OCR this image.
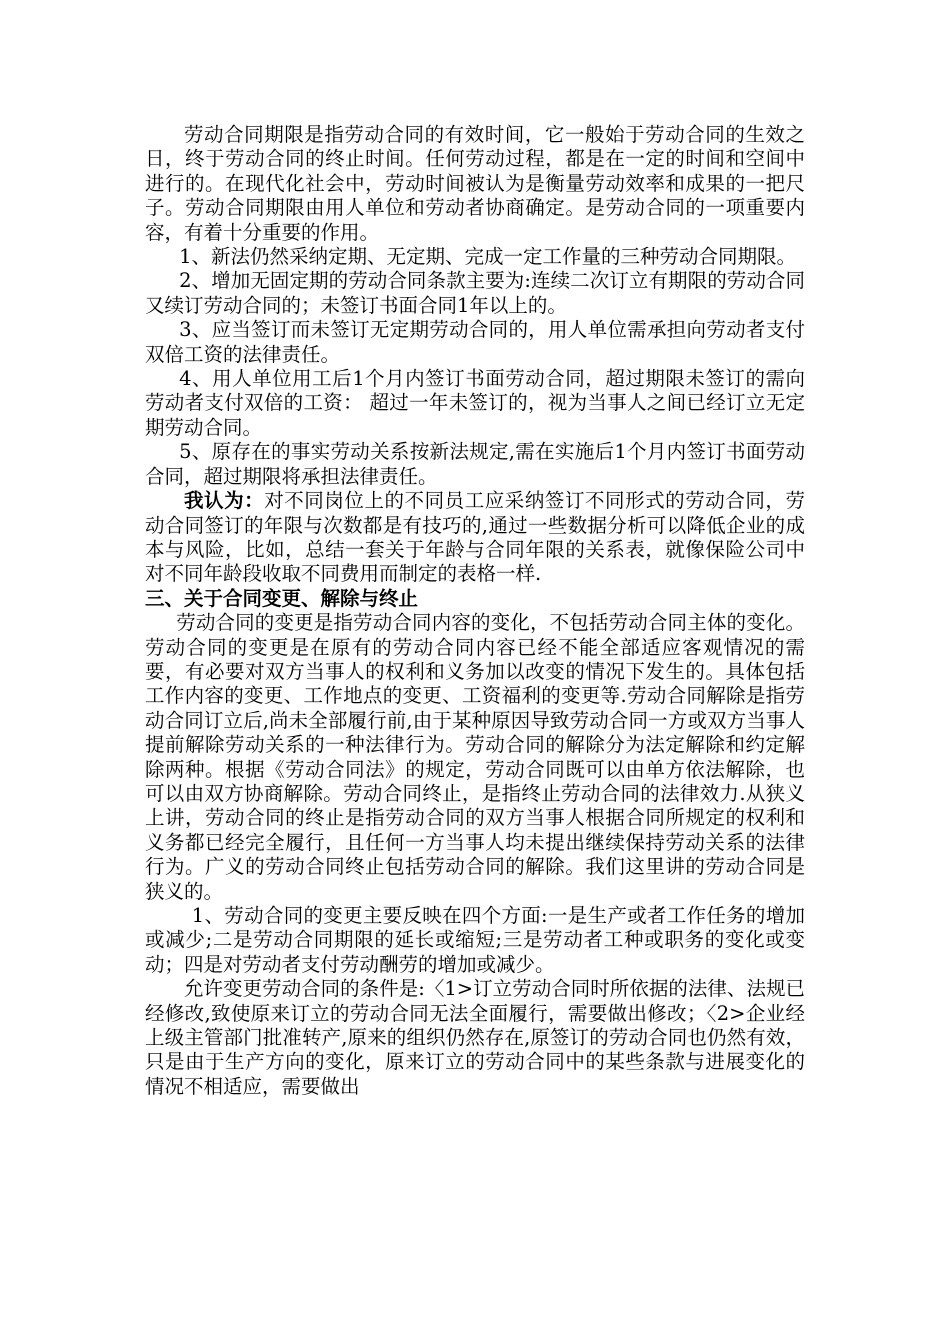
劳动合同期限是指劳动合同的有效时间，它一般始于劳动合同的生效之日，终于劳动合同的终止时间。任何劳动过程，都是在一定的时间和空间中进行的。在现代化社会中，劳动时间被认为是衡量劳动效率和成果的一把尺子。劳动合同期限由用人单位和劳动者协商确定。是劳动合同的一项重要内容，有着十分重要的作用。

1、新法仍然采纳定期、无定期、完成一定工作量的三种劳动合同期限。

2、增加无固定期的劳动合同条款主要为:连续二次订立有期限的劳动合同又续订劳动合同的；未签订书面合同1年以上的。

3、应当签订而未签订无定期劳动合同的，用人单位需承担向劳动者支付双倍工资的法律责任。

4、用人单位用工后1个月内签订书面劳动合同，超过期限未签订的需向劳动者支付双倍的工资： 超过一年未签订的，视为当事人之间已经订立无定期劳动合同。

5、原存在的事实劳动关系按新法规定,需在实施后1个月内签订书面劳动合同，超过期限将承担法律责任。

我认为：对不同岗位上的不同员工应采纳签订不同形式的劳动合同，劳动合同签订的年限与次数都是有技巧的,通过一些数据分析可以降低企业的成本与风险，比如，总结一套关于年龄与合同年限的关系表，就像保险公司中对不同年龄段收取不同费用而制定的表格一样.

三、关于合同变更、解除与终止

劳动合同的变更是指劳动合同内容的变化，不包括劳动合同主体的变化。劳动合同的变更是在原有的劳动合同内容已经不能全部适应客观情况的需要，有必要对双方当事人的权利和义务加以改变的情况下发生的。具体包括工作内容的变更、工作地点的变更、工资福利的变更等.劳动合同解除是指劳动合同订立后,尚未全部履行前,由于某种原因导致劳动合同一方或双方当事人提前解除劳动关系的一种法律行为。劳动合同的解除分为法定解除和约定解除两种。根据《劳动合同法》的规定，劳动合同既可以由单方依法解除，也可以由双方协商解除。劳动合同终止，是指终止劳动合同的法律效力.从狭义上讲，劳动合同的终止是指劳动合同的双方当事人根据合同所规定的权利和义务都已经完全履行，且任何一方当事人均未提出继续保持劳动关系的法律行为。广义的劳动合同终止包括劳动合同的解除。我们这里讲的劳动合同是狭义的。

1、劳动合同的变更主要反映在四个方面:一是生产或者工作任务的增加或减少;二是劳动合同期限的延长或缩短;三是劳动者工种或职务的变化或变动；四是对劳动者支付劳动酬劳的增加或减少。

允许变更劳动合同的条件是:〈1>订立劳动合同时所依据的法律、法规已经修改,致使原来订立的劳动合同无法全面履行，需要做出修改；〈2>企业经上级主管部门批准转产,原来的组织仍然存在,原签订的劳动合同也仍然有效，只是由于生产方向的变化，原来订立的劳动合同中的某些条款与进展变化的情况不相适应，需要做出
